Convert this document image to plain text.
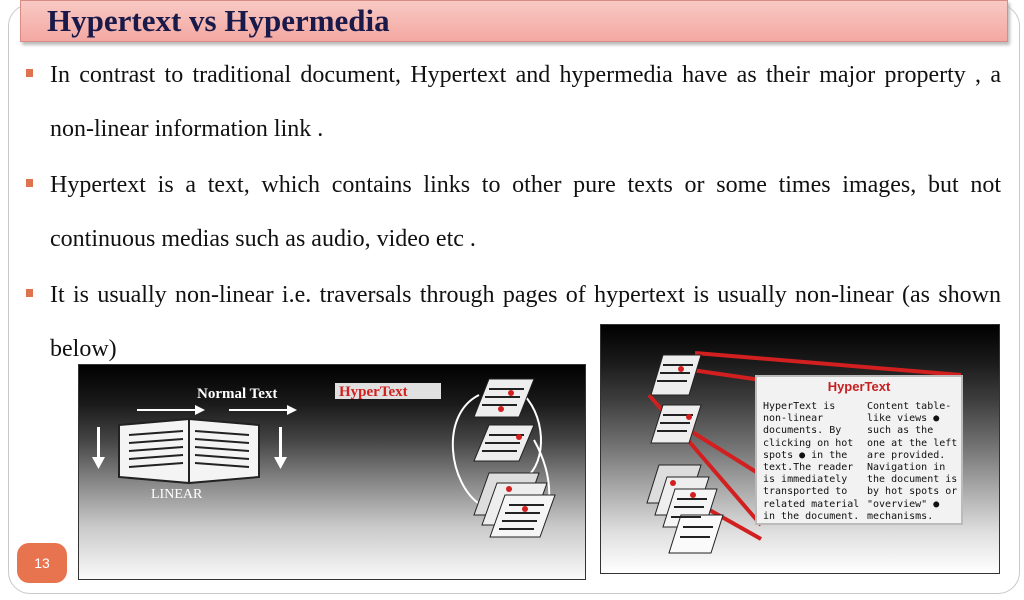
Hypertext vs Hypermedia
In contrast to traditional document, Hypertext and hypermedia have as their major property , a non-linear information link .
Hypertext is a text, which contains links to other pure texts or some times images, but not continuous medias such as audio, video etc .
It is usually non-linear i.e. traversals through pages of hypertext is usually non-linear (as shown below)
Normal Text
LINEAR
HyperText	HyperText
HyperText is
non-linear
documents. By
clicking on hot
spots ● in the
text.The reader
is immediately
transported to
related material
in the document.
Content table-
like views ●
such as the
one at the left
are provided.
Navigation in
the document is
by hot spots or
"overview" ●
mechanisms.
13
